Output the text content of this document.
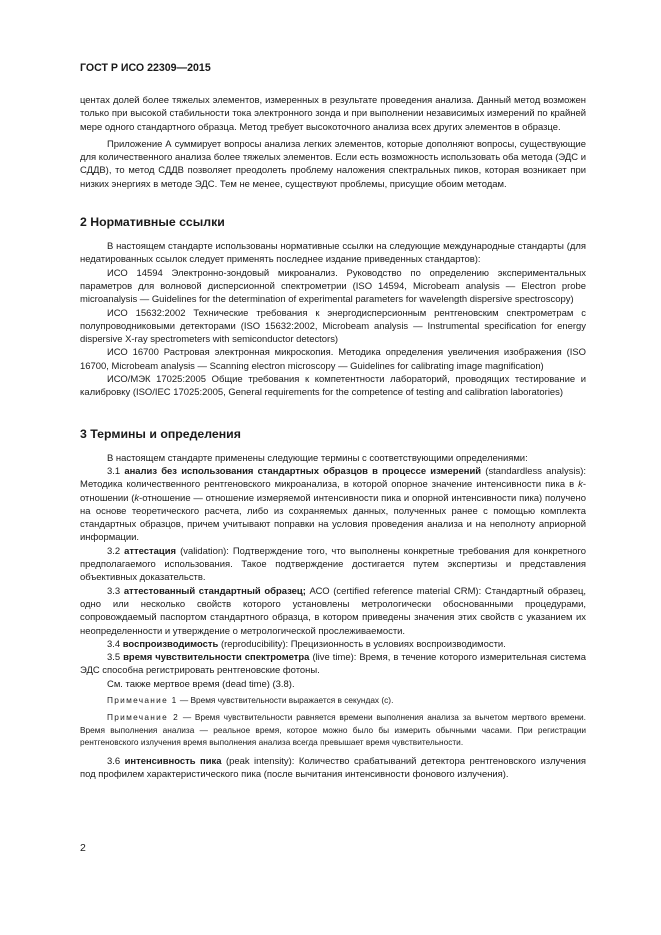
ГОСТ Р ИСО 22309—2015

центах долей более тяжелых элементов, измеренных в результате проведения анализа. Данный метод возможен только при высокой стабильности тока электронного зонда и при выполнении независимых измерений по крайней мере одного стандартного образца. Метод требует высокоточного анализа всех других элементов в образце.

Приложение А суммирует вопросы анализа легких элементов, которые дополняют вопросы, существующие для количественного анализа более тяжелых элементов. Если есть возможность использовать оба метода (ЭДС и СДДВ), то метод СДДВ позволяет преодолеть проблему наложения спектральных пиков, которая возникает при низких энергиях в методе ЭДС. Тем не менее, существуют проблемы, присущие обоим методам.

2 Нормативные ссылки

В настоящем стандарте использованы нормативные ссылки на следующие международные стандарты (для недатированных ссылок следует применять последнее издание приведенных стандартов):

ИСО 14594 Электронно-зондовый микроанализ. Руководство по определению экспериментальных параметров для волновой дисперсионной спектрометрии (ISO 14594, Microbeam analysis — Electron probe microanalysis — Guidelines for the determination of experimental parameters for wavelength dispersive spectroscopy)

ИСО 15632:2002 Технические требования к энергодисперсионным рентгеновским спектрометрам с полупроводниковыми детекторами (ISO 15632:2002, Microbeam analysis — Instrumental specification for energy dispersive X-ray spectrometers with semiconductor detectors)

ИСО 16700 Растровая электронная микроскопия. Методика определения увеличения изображения (ISO 16700, Microbeam analysis — Scanning electron microscopy — Guidelines for calibrating image magnification)

ИСО/МЭК 17025:2005 Общие требования к компетентности лабораторий, проводящих тестирование и калибровку (ISO/IEC 17025:2005, General requirements for the competence of testing and calibration laboratories)

3 Термины и определения

В настоящем стандарте применены следующие термины с соответствующими определениями:

3.1 анализ без использования стандартных образцов в процессе измерений (standardless analysis): Методика количественного рентгеновского микроанализа, в которой опорное значение интенсивности пика в k-отношении (k-отношение — отношение измеряемой интенсивности пика и опорной интенсивности пика) получено на основе теоретического расчета, либо из сохраняемых данных, полученных ранее с помощью комплекта стандартных образцов, причем учитывают поправки на условия проведения анализа и на неполноту априорной информации.

3.2 аттестация (validation): Подтверждение того, что выполнены конкретные требования для конкретного предполагаемого использования. Такое подтверждение достигается путем экспертизы и представления объективных доказательств.

3.3 аттестованный стандартный образец; АСО (certified reference material CRM): Стандартный образец, одно или несколько свойств которого установлены метрологически обоснованными процедурами, сопровождаемый паспортом стандартного образца, в котором приведены значения этих свойств с указанием их неопределенности и утверждение о метрологической прослеживаемости.

3.4 воспроизводимость (reproducibility): Прецизионность в условиях воспроизводимости.

3.5 время чувствительности спектрометра (live time): Время, в течение которого измерительная система ЭДС способна регистрировать рентгеновские фотоны.

См. также мертвое время (dead time) (3.8).

Примечание 1 — Время чувствительности выражается в секундах (с).

Примечание 2 — Время чувствительности равняется времени выполнения анализа за вычетом мертвого времени. Время выполнения анализа — реальное время, которое можно было бы измерить обычными часами. При регистрации рентгеновского излучения время выполнения анализа всегда превышает время чувствительности.

3.6 интенсивность пика (peak intensity): Количество срабатываний детектора рентгеновского излучения под профилем характеристического пика (после вычитания интенсивности фонового излучения).

2
